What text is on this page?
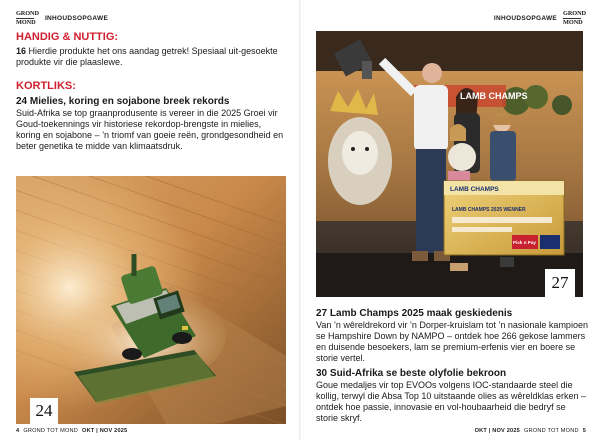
GROND
MOND
INHOUDSOPGAWE	INHOUDSOPGAWE
GROND
MOND
HANDIG & NUTTIG:

16 Hierdie produkte het ons aandag getrek! Spesiaal uit-gesoekte produkte vir die plaaslewe.

KORTLIKS:
24 Mielies, koring en sojabone breek rekords

Suid-Afrika se top graanprodusente is vereer in die 2025 Groei vir Goud-toekennings vir historiese rekordop-brengste in mielies, koring en sojabone – ’n triomf van goeie reën, grondgesondheid en beter genetika te midde van klimaatsdruk.

24
LAMB CHAMPS
LAMB CHAMPS
LAMB CHAMPS 2025 WENNER
Pick n Pay
27
27 Lamb Champs 2025 maak geskiedenis

Van ’n wêreldrekord vir ’n Dorper-kruislam tot ’n nasionale kampioen se Hampshire Down by NAMPO – ontdek hoe 266 gekose lammers en duisende besoekers, lam se premium-erfenis vier en boere se storie vertel.

30 Suid-Afrika se beste olyfolie bekroon

Goue medaljes vir top EVOOs volgens IOC-standaarde steel die kollig, terwyl die Absa Top 10 uitstaande olies as wêreldklas erken – ontdek hoe passie, innovasie en vol-houbaarheid die bedryf se storie skryf.

4 GROND TOT MOND OKT | NOV 2025	OKT | NOV 2025 GROND TOT MOND 5
